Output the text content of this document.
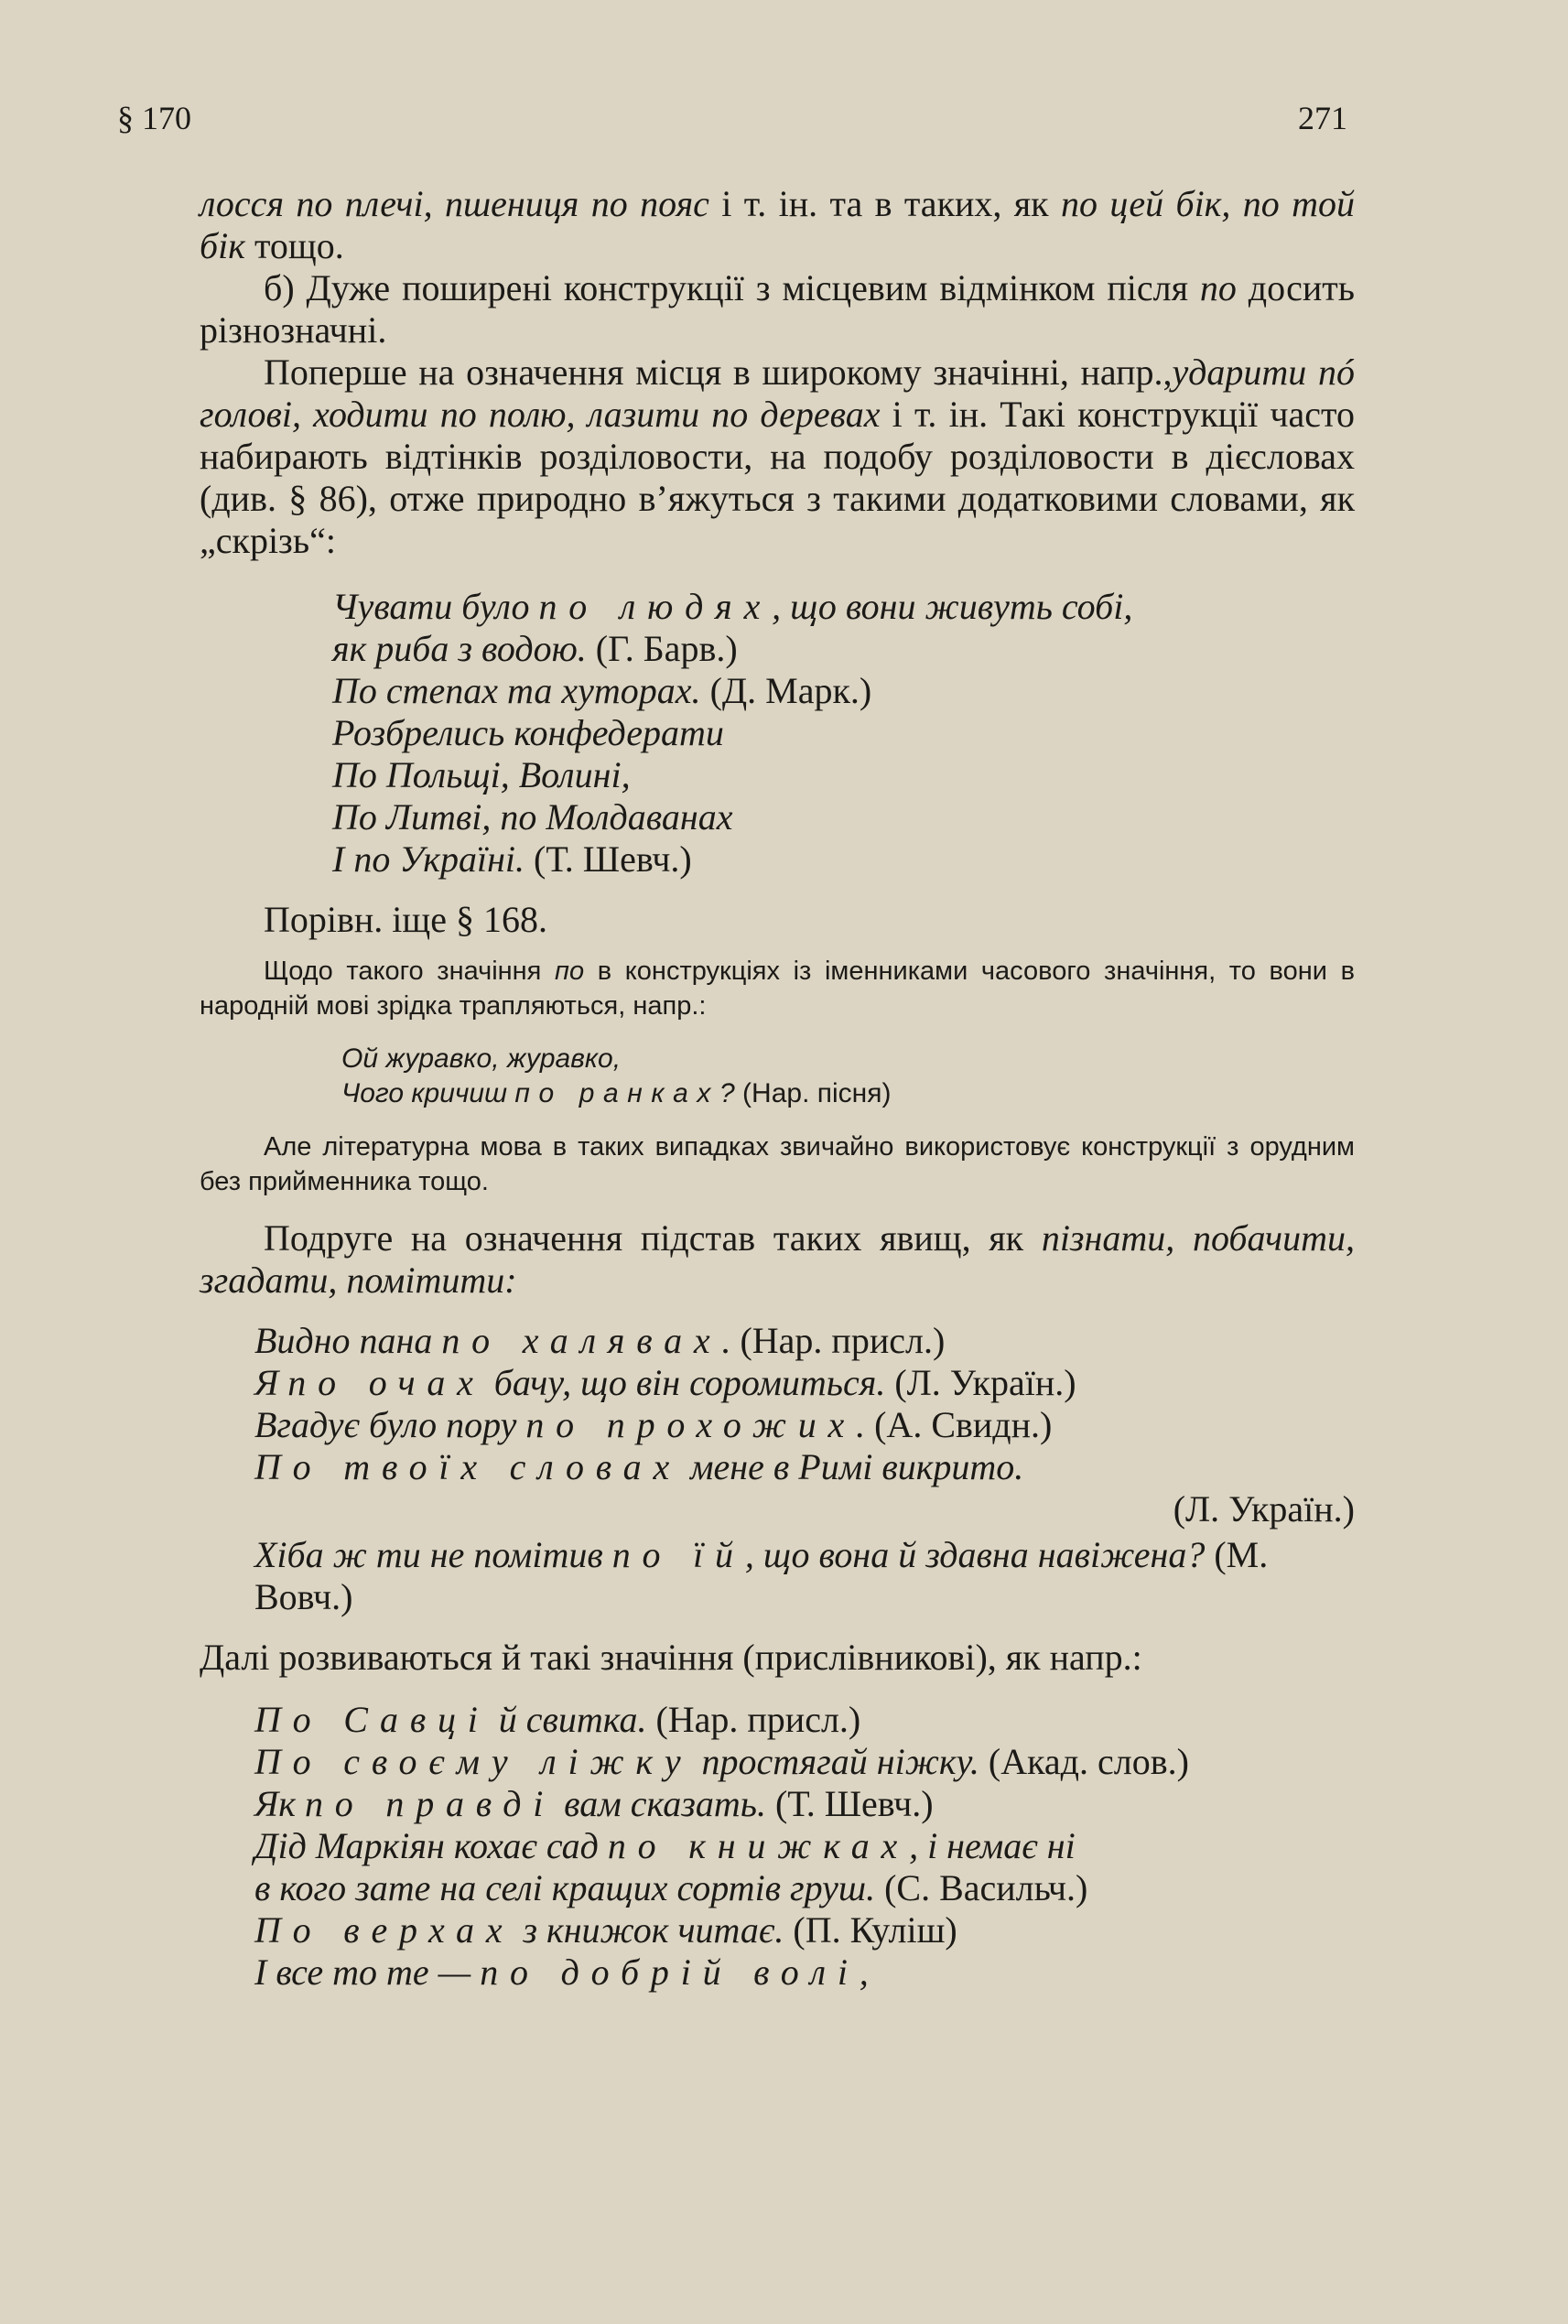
§ 170	271

лосся по плечі, пшениця по пояс і т. ін. та в таких, як по цей бік, по той бік тощо.

б) Дуже поширені конструкції з місцевим відмінком після по досить різнозначні.

Поперше на означення місця в широкому значінні, напр.,ударити пó голові, ходити по полю, лазити по деревах і т. ін. Такі конструкції часто набирають відтінків розділовости, на подобу розділовости в дієсловах (див. § 86), отже природно в’яжуться з такими додатковими словами, як „скрізь“:

Чувати було по людях, що вони живуть собі,
як риба з водою. (Г. Барв.)
По степах та хуторах. (Д. Марк.)
Розбрелись конфедерати
По Польщі, Волині,
По Литві, по Молдаванах
І по Україні. (Т. Шевч.)

Порівн. іще § 168.

Щодо такого значіння по в конструкціях із іменниками часового значіння, то вони в народній мові зрідка трапляються, напр.:

Ой журавко, журавко,
Чого кричиш по ранках? (Нар. пісня)

Але літературна мова в таких випадках звичайно використовує конструкції з орудним без прийменника тощо.

Подруге на означення підстав таких явищ, як пізнати, побачити, згадати, помітити:

Видно пана по халявах. (Нар. присл.)
Я по очах бачу, що він соромиться. (Л. Україн.)
Вгадує було пору по прохожих. (А. Свидн.)
По твоїх словах мене в Римі викрито.
(Л. Україн.)
Хіба ж ти не помітив по їй, що вона й здавна навіжена? (М. Вовч.)

Далі розвиваються й такі значіння (прислівникові), як напр.:

По Савці й свитка. (Нар. присл.)
По своєму ліжку простягай ніжку. (Акад. слов.)
Як по правді вам сказать. (Т. Шевч.)
Дід Маркіян кохає сад по книжках, і немає ні
в кого зате на селі кращих сортів груш. (С. Васильч.)
По верхах з книжок читає. (П. Куліш)
І все то те — по добрій волі,
